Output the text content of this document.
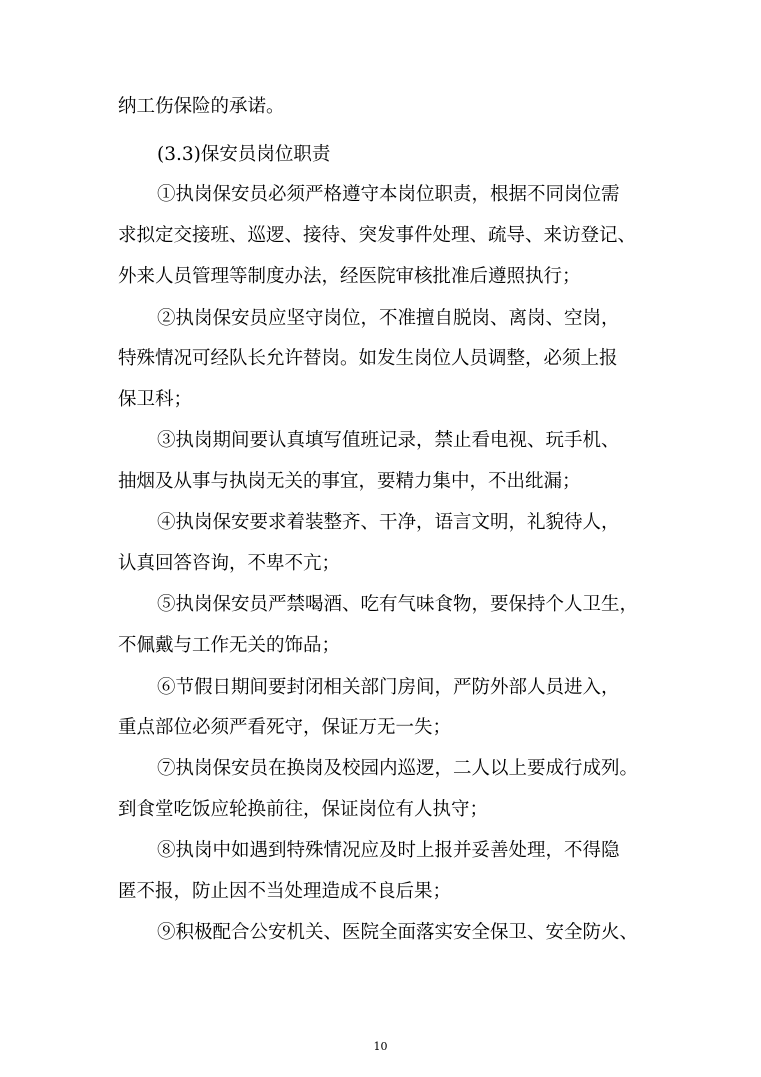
纳工伤保险的承诺。
(3.3)保安员岗位职责
①执岗保安员必须严格遵守本岗位职责，根据不同岗位需
求拟定交接班、巡逻、接待、突发事件处理、疏导、来访登记、
外来人员管理等制度办法，经医院审核批准后遵照执行；
②执岗保安员应坚守岗位，不准擅自脱岗、离岗、空岗，
特殊情况可经队长允许替岗。如发生岗位人员调整，必须上报
保卫科；
③执岗期间要认真填写值班记录，禁止看电视、玩手机、
抽烟及从事与执岗无关的事宜，要精力集中，不出纰漏；
④执岗保安要求着装整齐、干净，语言文明，礼貌待人，
认真回答咨询，不卑不亢；
⑤执岗保安员严禁喝酒、吃有气味食物，要保持个人卫生，
不佩戴与工作无关的饰品；
⑥节假日期间要封闭相关部门房间，严防外部人员进入，
重点部位必须严看死守，保证万无一失；
⑦执岗保安员在换岗及校园内巡逻，二人以上要成行成列。
到食堂吃饭应轮换前往，保证岗位有人执守；
⑧执岗中如遇到特殊情况应及时上报并妥善处理，不得隐
匿不报，防止因不当处理造成不良后果；
⑨积极配合公安机关、医院全面落实安全保卫、安全防火、
10
